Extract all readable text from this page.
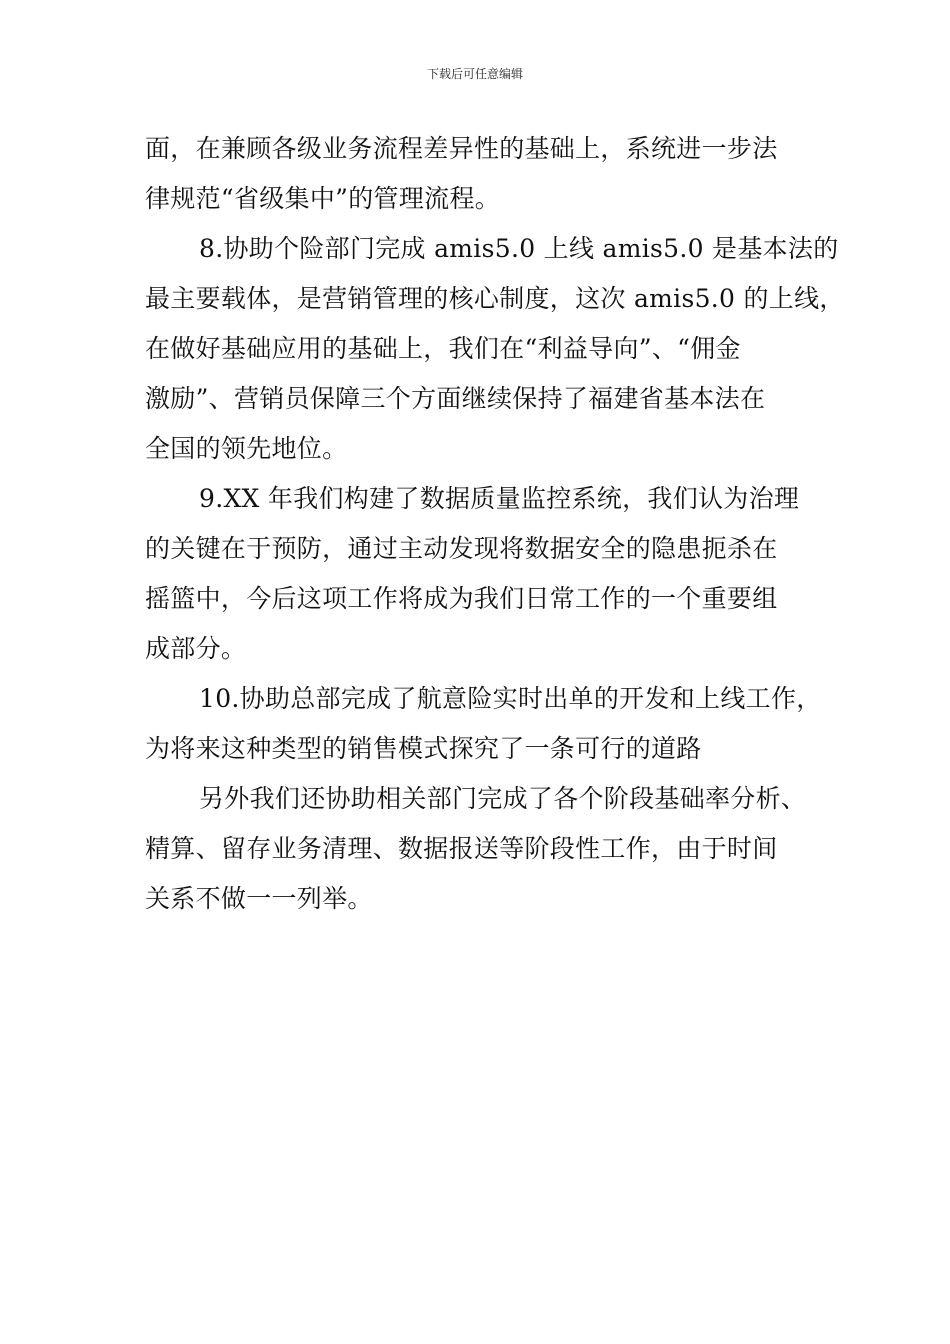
下载后可任意编辑

面，在兼顾各级业务流程差异性的基础上，系统进一步法
律规范“省级集中”的管理流程。

8.协助个险部门完成 amis5.0 上线 amis5.0 是基本法的
最主要载体，是营销管理的核心制度，这次 amis5.0 的上线，
在做好基础应用的基础上，我们在“利益导向”、“佣金
激励”、营销员保障三个方面继续保持了福建省基本法在
全国的领先地位。

9.XX 年我们构建了数据质量监控系统，我们认为治理
的关键在于预防，通过主动发现将数据安全的隐患扼杀在
摇篮中，今后这项工作将成为我们日常工作的一个重要组
成部分。

10.协助总部完成了航意险实时出单的开发和上线工作，
为将来这种类型的销售模式探究了一条可行的道路

另外我们还协助相关部门完成了各个阶段基础率分析、
精算、留存业务清理、数据报送等阶段性工作，由于时间
关系不做一一列举。
